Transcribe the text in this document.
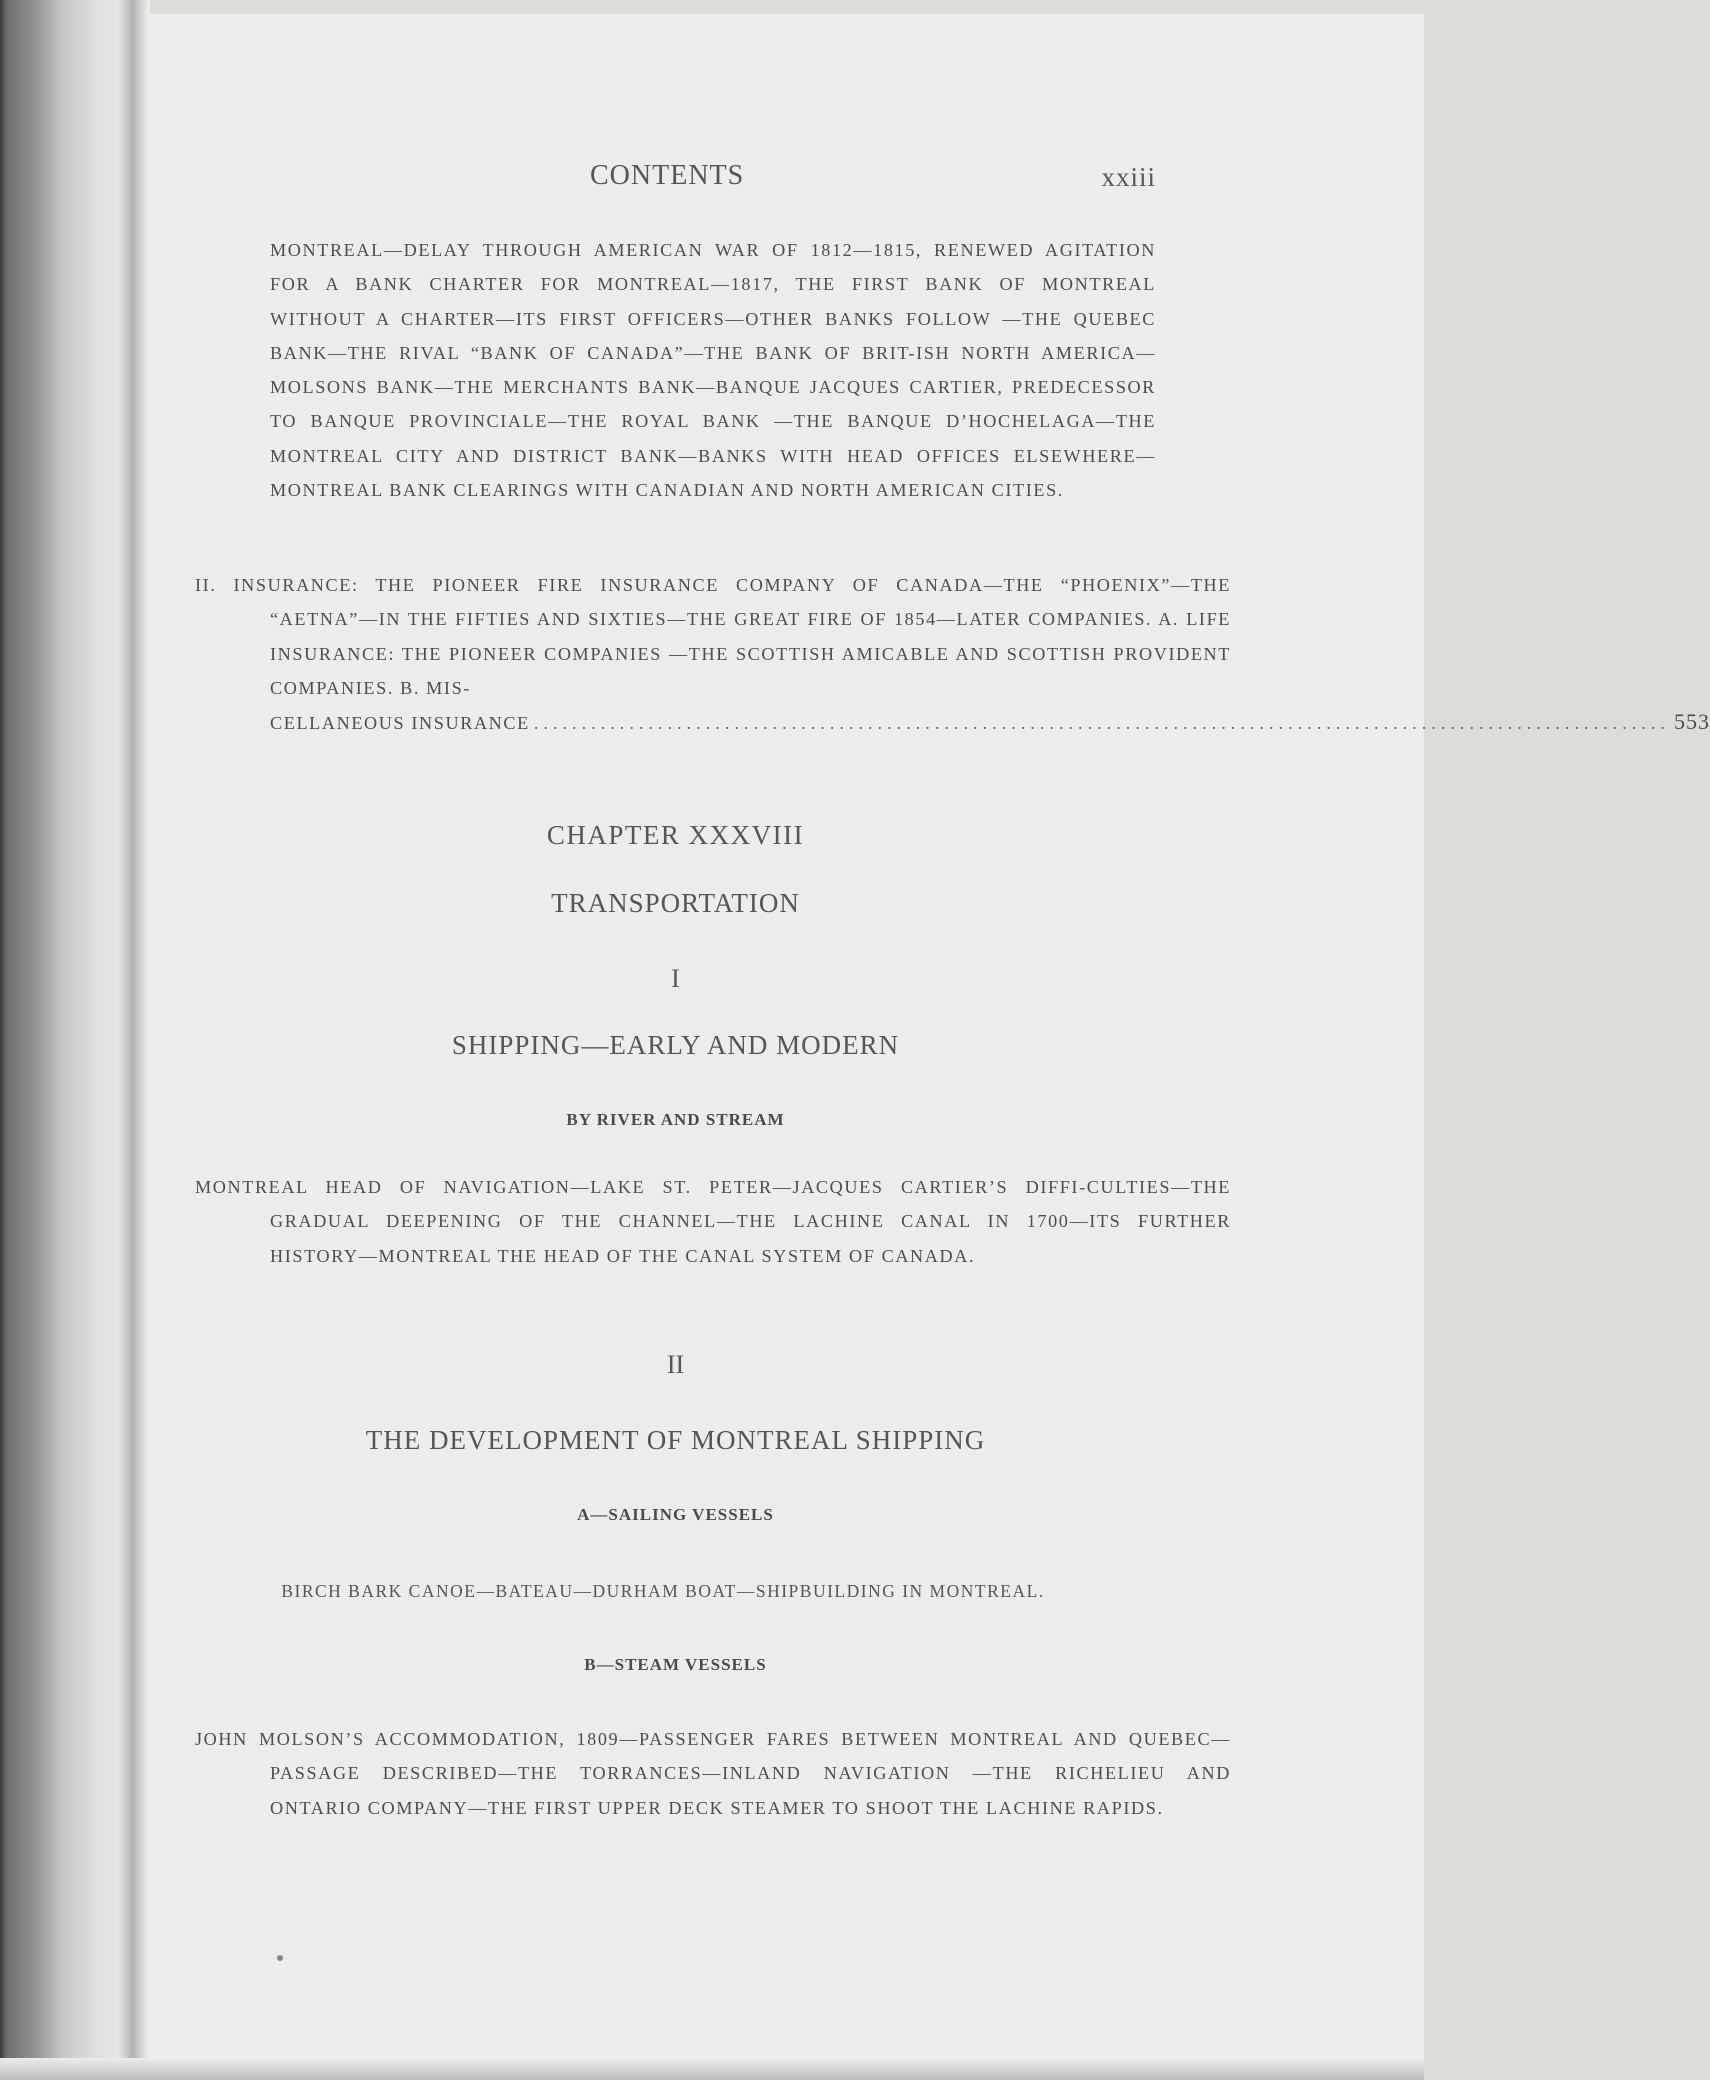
CONTENTS	xxiii
MONTREAL—DELAY THROUGH AMERICAN WAR OF 1812—1815, RENEWED AGITATION FOR A BANK CHARTER FOR MONTREAL—1817, THE FIRST BANK OF MONTREAL WITHOUT A CHARTER—ITS FIRST OFFICERS—OTHER BANKS FOLLOW —THE QUEBEC BANK—THE RIVAL “BANK OF CANADA”—THE BANK OF BRIT-ISH NORTH AMERICA—MOLSONS BANK—THE MERCHANTS BANK—BANQUE JACQUES CARTIER, PREDECESSOR TO BANQUE PROVINCIALE—THE ROYAL BANK —THE BANQUE D’HOCHELAGA—THE MONTREAL CITY AND DISTRICT BANK—BANKS WITH HEAD OFFICES ELSEWHERE—MONTREAL BANK CLEARINGS WITH CANADIAN AND NORTH AMERICAN CITIES.
II. INSURANCE: THE PIONEER FIRE INSURANCE COMPANY OF CANADA—THE “PHOENIX”—THE “AETNA”—IN THE FIFTIES AND SIXTIES—THE GREAT FIRE OF 1854—LATER COMPANIES. A. LIFE INSURANCE: THE PIONEER COMPANIES —THE SCOTTISH AMICABLE AND SCOTTISH PROVIDENT COMPANIES. B. MIS-
CELLANEOUS INSURANCE ....................................................................................................................... 553
CHAPTER XXXVIII
TRANSPORTATION
I
SHIPPING—EARLY AND MODERN
BY RIVER AND STREAM
MONTREAL HEAD OF NAVIGATION—LAKE ST. PETER—JACQUES CARTIER’S DIFFI-CULTIES—THE GRADUAL DEEPENING OF THE CHANNEL—THE LACHINE CANAL IN 1700—ITS FURTHER HISTORY—MONTREAL THE HEAD OF THE CANAL SYSTEM OF CANADA.
II
THE DEVELOPMENT OF MONTREAL SHIPPING
A—SAILING VESSELS
BIRCH BARK CANOE—BATEAU—DURHAM BOAT—SHIPBUILDING IN MONTREAL.
B—STEAM VESSELS
JOHN MOLSON’S ACCOMMODATION, 1809—PASSENGER FARES BETWEEN MONTREAL AND QUEBEC—PASSAGE DESCRIBED—THE TORRANCES—INLAND NAVIGATION —THE RICHELIEU AND ONTARIO COMPANY—THE FIRST UPPER DECK STEAMER TO SHOOT THE LACHINE RAPIDS.
